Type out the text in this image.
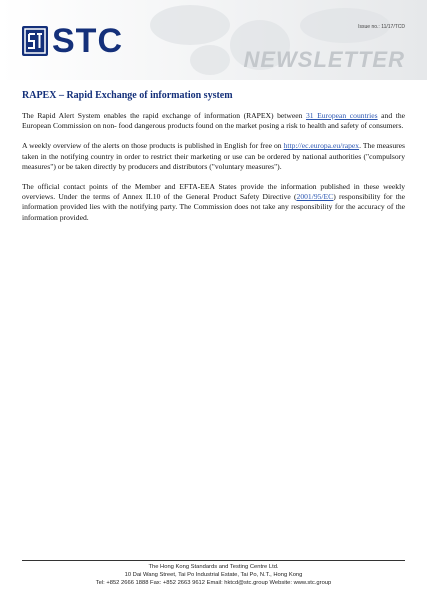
Issue no.: 11/17/TCD
STC	NEWSLETTER
RAPEX – Rapid Exchange of information system

The Rapid Alert System enables the rapid exchange of information (RAPEX) between 31 European countries and the European Commission on non- food dangerous products found on the market posing a risk to health and safety of consumers.

A weekly overview of the alerts on those products is published in English for free on http://ec.europa.eu/rapex. The measures taken in the notifying country in order to restrict their marketing or use can be ordered by national authorities ("compulsory measures") or be taken directly by producers and distributors ("voluntary measures").

The official contact points of the Member and EFTA-EEA States provide the information published in these weekly overviews. Under the terms of Annex II.10 of the General Product Safety Directive (2001/95/EC) responsibility for the information provided lies with the notifying party. The Commission does not take any responsibility for the accuracy of the information provided.

The Hong Kong Standards and Testing Centre Ltd.
10 Dai Wang Street, Tai Po Industrial Estate, Tai Po, N.T., Hong Kong
Tel: +852 2666 1888 Fax: +852 2663 9612 Email: hktcd@stc.group Website: www.stc.group
